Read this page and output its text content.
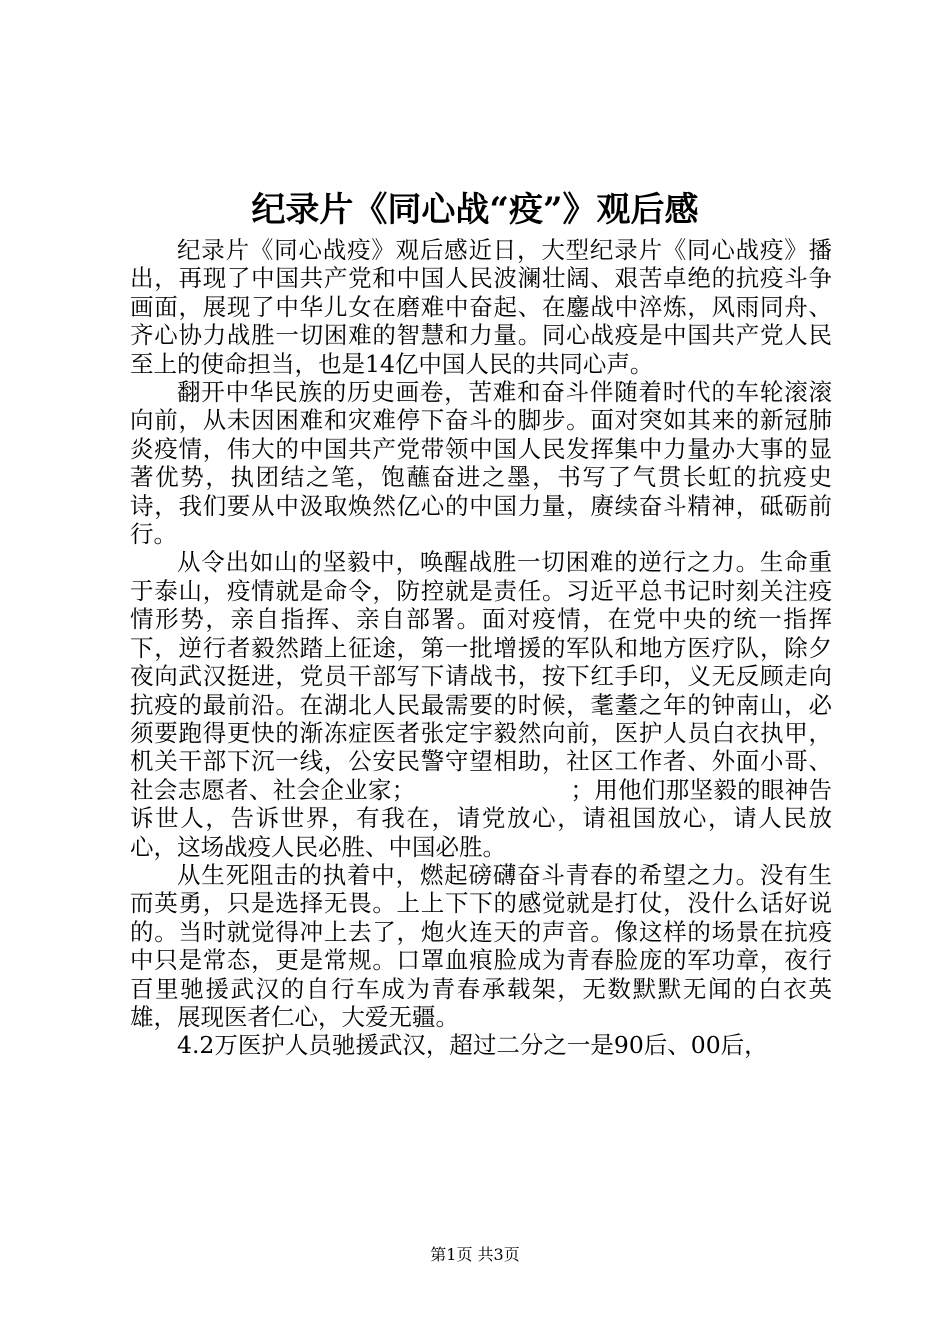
纪录片《同心战“疫”》观后感

纪录片《同心战疫》观后感近日，大型纪录片《同心战疫》播出，再现了中国共产党和中国人民波澜壮阔、艰苦卓绝的抗疫斗争画面，展现了中华儿女在磨难中奋起、在鏖战中淬炼，风雨同舟、齐心协力战胜一切困难的智慧和力量。同心战疫是中国共产党人民至上的使命担当，也是14亿中国人民的共同心声。

翻开中华民族的历史画卷，苦难和奋斗伴随着时代的车轮滚滚向前，从未因困难和灾难停下奋斗的脚步。面对突如其来的新冠肺炎疫情，伟大的中国共产党带领中国人民发挥集中力量办大事的显著优势，执团结之笔，饱蘸奋进之墨，书写了气贯长虹的抗疫史诗，我们要从中汲取焕然亿心的中国力量，赓续奋斗精神，砥砺前行。

从令出如山的坚毅中，唤醒战胜一切困难的逆行之力。生命重于泰山，疫情就是命令，防控就是责任。习近平总书记时刻关注疫情形势，亲自指挥、亲自部署。面对疫情，在党中央的统一指挥下，逆行者毅然踏上征途，第一批增援的军队和地方医疗队，除夕夜向武汉挺进，党员干部写下请战书，按下红手印，义无反顾走向抗疫的最前沿。在湖北人民最需要的时候，耄耋之年的钟南山，必须要跑得更快的渐冻症医者张定宇毅然向前，医护人员白衣执甲，机关干部下沉一线，公安民警守望相助，社区工作者、外面小哥、社会志愿者、社会企业家；                    ；用他们那坚毅的眼神告诉世人，告诉世界，有我在，请党放心，请祖国放心，请人民放心，这场战疫人民必胜、中国必胜。

从生死阻击的执着中，燃起磅礴奋斗青春的希望之力。没有生而英勇，只是选择无畏。上上下下的感觉就是打仗，没什么话好说的。当时就觉得冲上去了，炮火连天的声音。像这样的场景在抗疫中只是常态，更是常规。口罩血痕脸成为青春脸庞的军功章，夜行百里驰援武汉的自行车成为青春承载架，无数默默无闻的白衣英雄，展现医者仁心，大爱无疆。

4.2万医护人员驰援武汉，超过二分之一是90后、00后，

第1页 共3页
